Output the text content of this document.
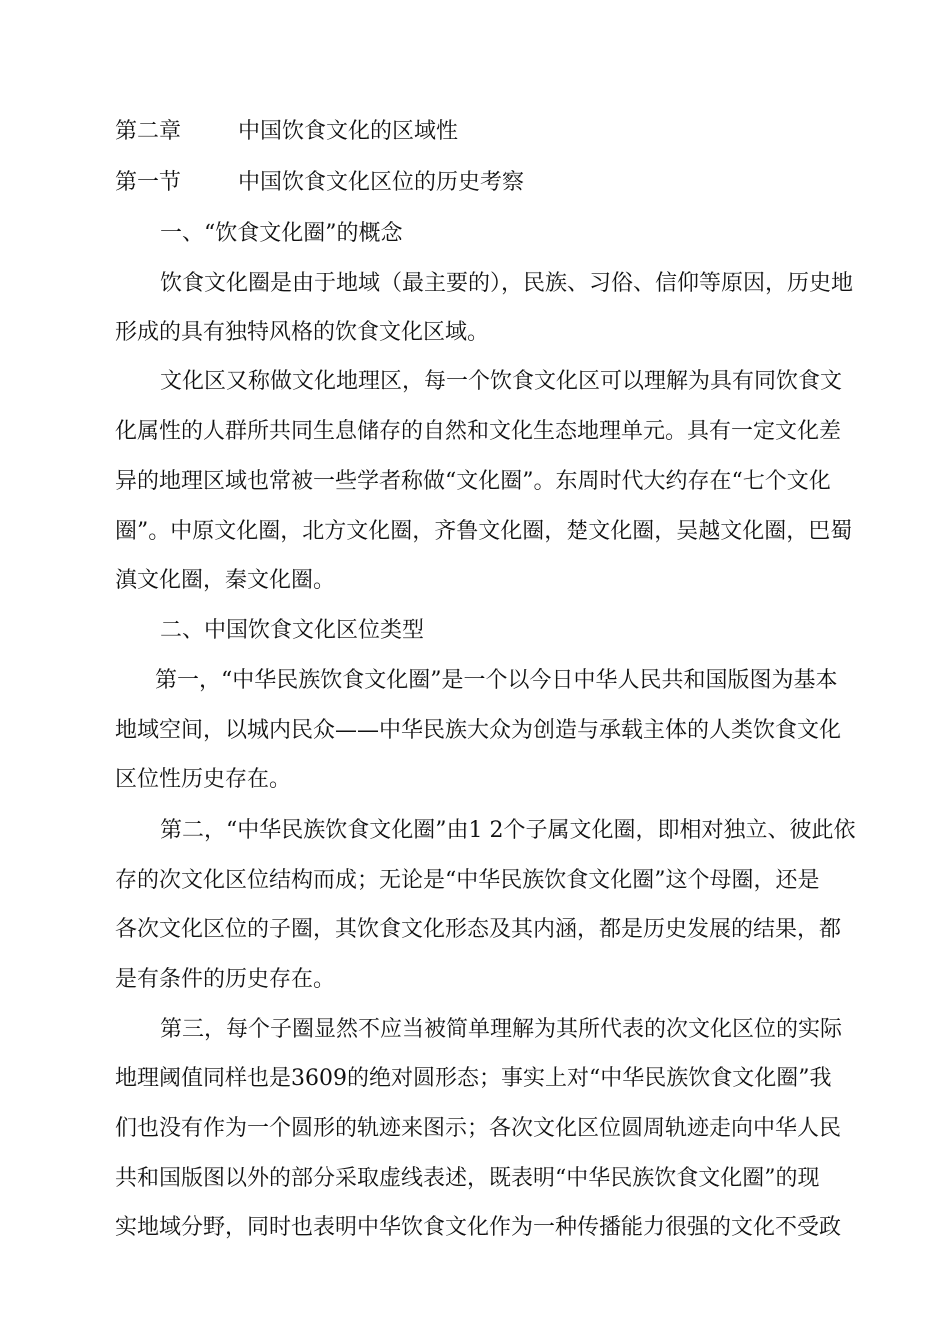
第二章	中国饮食文化的区域性
第一节	中国饮食文化区位的历史考察
一、“饮食文化圈”的概念
饮食文化圈是由于地域（最主要的），民族、习俗、信仰等原因，历史地
形成的具有独特风格的饮食文化区域。
文化区又称做文化地理区，每一个饮食文化区可以理解为具有同饮食文
化属性的人群所共同生息储存的自然和文化生态地理单元。具有一定文化差
异的地理区域也常被一些学者称做“文化圈”。东周时代大约存在“七个文化
圈”。中原文化圈，北方文化圈，齐鲁文化圈，楚文化圈，吴越文化圈，巴蜀
滇文化圈，秦文化圈。
二、中国饮食文化区位类型
第一，“中华民族饮食文化圈”是一个以今日中华人民共和国版图为基本
地域空间，以城内民众——中华民族大众为创造与承载主体的人类饮食文化
区位性历史存在。
第二，“中华民族饮食文化圈”由1 2个子属文化圈，即相对独立、彼此依
存的次文化区位结构而成；无论是“中华民族饮食文化圈”这个母圈，还是
各次文化区位的子圈，其饮食文化形态及其内涵，都是历史发展的结果，都
是有条件的历史存在。
第三，每个子圈显然不应当被简单理解为其所代表的次文化区位的实际
地理阈值同样也是3609的绝对圆形态；事实上对“中华民族饮食文化圈”我
们也没有作为一个圆形的轨迹来图示；各次文化区位圆周轨迹走向中华人民
共和国版图以外的部分采取虚线表述，既表明“中华民族饮食文化圈”的现
实地域分野，同时也表明中华饮食文化作为一种传播能力很强的文化不受政
